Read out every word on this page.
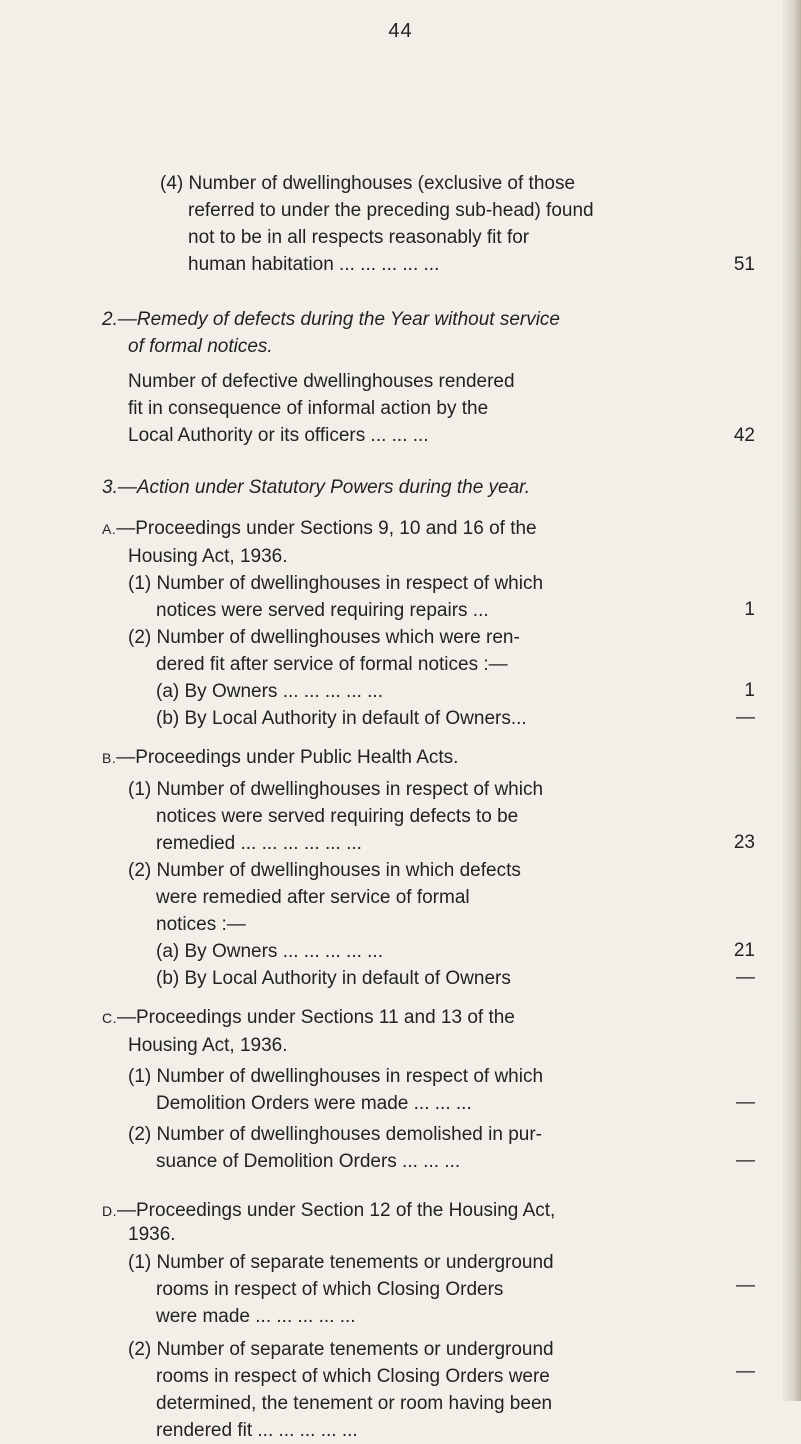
44
(4) Number of dwellinghouses (exclusive of those
referred to under the preceding sub-head) found
not to be in all respects reasonably fit for
human habitation ... ... ... ... ...	51
2.—Remedy of defects during the Year without service
of formal notices.
Number of defective dwellinghouses rendered
fit in consequence of informal action by the
Local Authority or its officers ... ... ...	42
3.—Action under Statutory Powers during the year.
A.—Proceedings under Sections 9, 10 and 16 of the
Housing Act, 1936.
(1) Number of dwellinghouses in respect of which
notices were served requiring repairs ...
(2) Number of dwellinghouses which were ren-
dered fit after service of formal notices :—
(a) By Owners ... ... ... ... ...
(b) By Local Authority in default of Owners...
1
1
—
B.—Proceedings under Public Health Acts.
(1) Number of dwellinghouses in respect of which
notices were served requiring defects to be
remedied ... ... ... ... ... ...
(2) Number of dwellinghouses in which defects
were remedied after service of formal
notices :—
(a) By Owners ... ... ... ... ...
(b) By Local Authority in default of Owners
23
21
—
C.—Proceedings under Sections 11 and 13 of the
Housing Act, 1936.
(1) Number of dwellinghouses in respect of which
Demolition Orders were made ... ... ...
(2) Number of dwellinghouses demolished in pur-
suance of Demolition Orders ... ... ...
—
—
D.—Proceedings under Section 12 of the Housing Act,
1936.
(1) Number of separate tenements or underground
rooms in respect of which Closing Orders
were made ... ... ... ... ...
(2) Number of separate tenements or underground
rooms in respect of which Closing Orders were
determined, the tenement or room having been
rendered fit ... ... ... ... ...
—
—
